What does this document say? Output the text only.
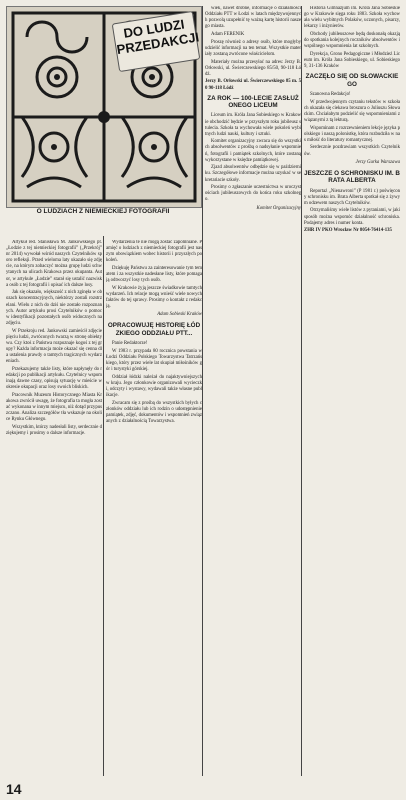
DO LUDZI PRZEDAKCJI
O LUDZIACH Z NIEMIECKIEJ FOTOGRAFII

Artykuł red. Stanisława M. Jankowskiego pt. „Łodzie z tej niemieckiej fotografii” („Przekrój” nr 2014) wywołał wśród naszych Czytelników sporo refleksji. Przed wieloma laty ukazało się zdjęcie, na którym zobaczyć można grupę ludzi schwytanych na ulicach Krakowa przez okupanta. Autor, w artykule „Łodzie” starał się ustalić nazwiska osób z tej fotografii i opisać ich dalsze losy.

Jak się okazało, większość z nich zginęła w obozach koncentracyjnych, niektórzy zostali rozstrzelani. Wielu z nich do dziś nie zostało rozpoznanych. Autor artykułu prosi Czytelników o pomoc w identyfikacji pozostałych osób widocznych na zdjęciu.

W Przekroju red. Jankowski zamieścił zdjęcie pięciu ludzi, zwróconych twarzą w stronę obiektywu. Czy ktoś z Państwa rozpoznaje kogoś z tej grupy? Każda informacja może okazać się cenna dla ustalenia prawdy o tamtych tragicznych wydarzeniach.

Przekazujemy także listy, które napłynęły do redakcji po publikacji artykułu. Czytelnicy wspominają dawne czasy, opisują sytuację w mieście w okresie okupacji oraz losy swoich bliskich.

Pracownik Muzeum Historycznego Miasta Krakowa zwrócił uwagę, że fotografia ta mogła zostać wykonana w innym miejscu, niż dotąd przypuszczano. Analiza szczegółów tła wskazuje na okolice Rynku Głównego.

Wszystkim, którzy nadesłali listy, serdecznie dziękujemy i prosimy o dalsze informacje.

Wydarzenia te nie mogą zostać zapomniane. Pamięć o ludziach z niemieckiej fotografii jest naszym obowiązkiem wobec historii i przyszłych pokoleń.

Dziękuję Państwu za zainteresowanie tym tematem i za wszystkie nadesłane listy, które pomagają odtworzyć losy tych osób.

W Krakowie żyją jeszcze świadkowie tamtych wydarzeń. Ich relacje mogą wnieść wiele nowych faktów do tej sprawy. Prosimy o kontakt z redakcją.

Adam Sobieski Kraków
OPRACOWUJĘ HISTORIĘ ŁÓDZKIEGO ODDZIAŁU PTT...

Panie Redaktorze!

W 1983 r. przypada 80 rocznica powstania w Łodzi Oddziału Polskiego Towarzystwa Tatrzańskiego, który przez wiele lat skupiał miłośników gór i turystyki górskiej.

Oddział łódzki należał do najaktywniejszych w kraju. Jego członkowie organizowali wycieczki, odczyty i wystawy, wydawali także własne publikacje.

Zwracam się z prośbą do wszystkich byłych członków oddziału lub ich rodzin o udostępnienie pamiątek, zdjęć, dokumentów i wspomnień związanych z działalnością Towarzystwa.

wiek, nawet drobne, informacje o działalności Oddziału PTT w Łodzi w latach międzywojennych pozwolą uzupełnić tę ważną kartę historii naszego miasta.

Adam FERENIK

Proszę również o adresy osób, które mogłyby udzielić informacji na ten temat. Wszystkie materiały zostaną zwrócone właścicielom.

Materiały można przesyłać na adres: Jerzy B. Orłowski, ul. Świerczewskiego 85/50, 90-118 Łódź.

Jerzy B. Orłowski ul. Świerczewskiego 85 m. 50 90-118 Łódź

ZA ROK — 100-LECIE ZASŁUŻONEGO LICEUM

Liceum im. Króla Jana Sobieskiego w Krakowie obchodzić będzie w przyszłym roku jubileusz stulecia. Szkoła ta wychowała wiele pokoleń wybitnych ludzi nauki, kultury i sztuki.

Komitet organizacyjny zwraca się do wszystkich absolwentów z prośbą o nadsyłanie wspomnień, fotografii i pamiątek szkolnych, które zostaną wykorzystane w księdze pamiątkowej.

Zjazd absolwentów odbędzie się w październiku. Szczegółowe informacje można uzyskać w sekretariacie szkoły.

Prosimy o zgłaszanie uczestnictwa w uroczystościach jubileuszowych do końca roku szkolnego.

Komitet Organizacyjny

Historia Gimnazjum im. Króla Jana Sobieskiego w Krakowie sięga roku 1883. Szkoła wychowała wielu wybitnych Polaków, uczonych, pisarzy, lekarzy i inżynierów.

Obchody jubileuszowe będą doskonałą okazją do spotkania kolejnych roczników absolwentów i wspólnego wspomnienia lat szkolnych.

Dyrekcja, Grono Pedagogiczne i Młodzież Liceum im. Króla Jana Sobieskiego, ul. Sobieskiego 9, 31-136 Kraków

ZACZĘŁO SIĘ OD SŁOWACKIEGO

Szanowna Redakcjo!

W przedwojennym czytaniu tekstów w szkołach ukazała się ciekawa broszura o Juliuszu Słowackim. Chciałabym podzielić się wspomnieniami związanymi z tą lekturą.

Wspominam z rozrzewnieniem lekcje języka polskiego i naszą polonistkę, która rozbudziła w nas miłość do literatury romantycznej.

Serdecznie pozdrawiam wszystkich Czytelników.

Jerzy Gurka Warszawa
JESZCZE O SCHRONISKU IM. BRATA ALBERTA

Reportaż „Nienawroni” (P 1981 r.) poświęcony schronisku im. Brata Alberta spotkał się z żywym odzewem naszych Czytelników.

Otrzymaliśmy wiele listów z pytaniami, w jaki sposób można wspomóc działalność schroniska. Podajemy adres i numer konta.

ZHR IV PKO Wrocław Nr 8054-76414-135

14
